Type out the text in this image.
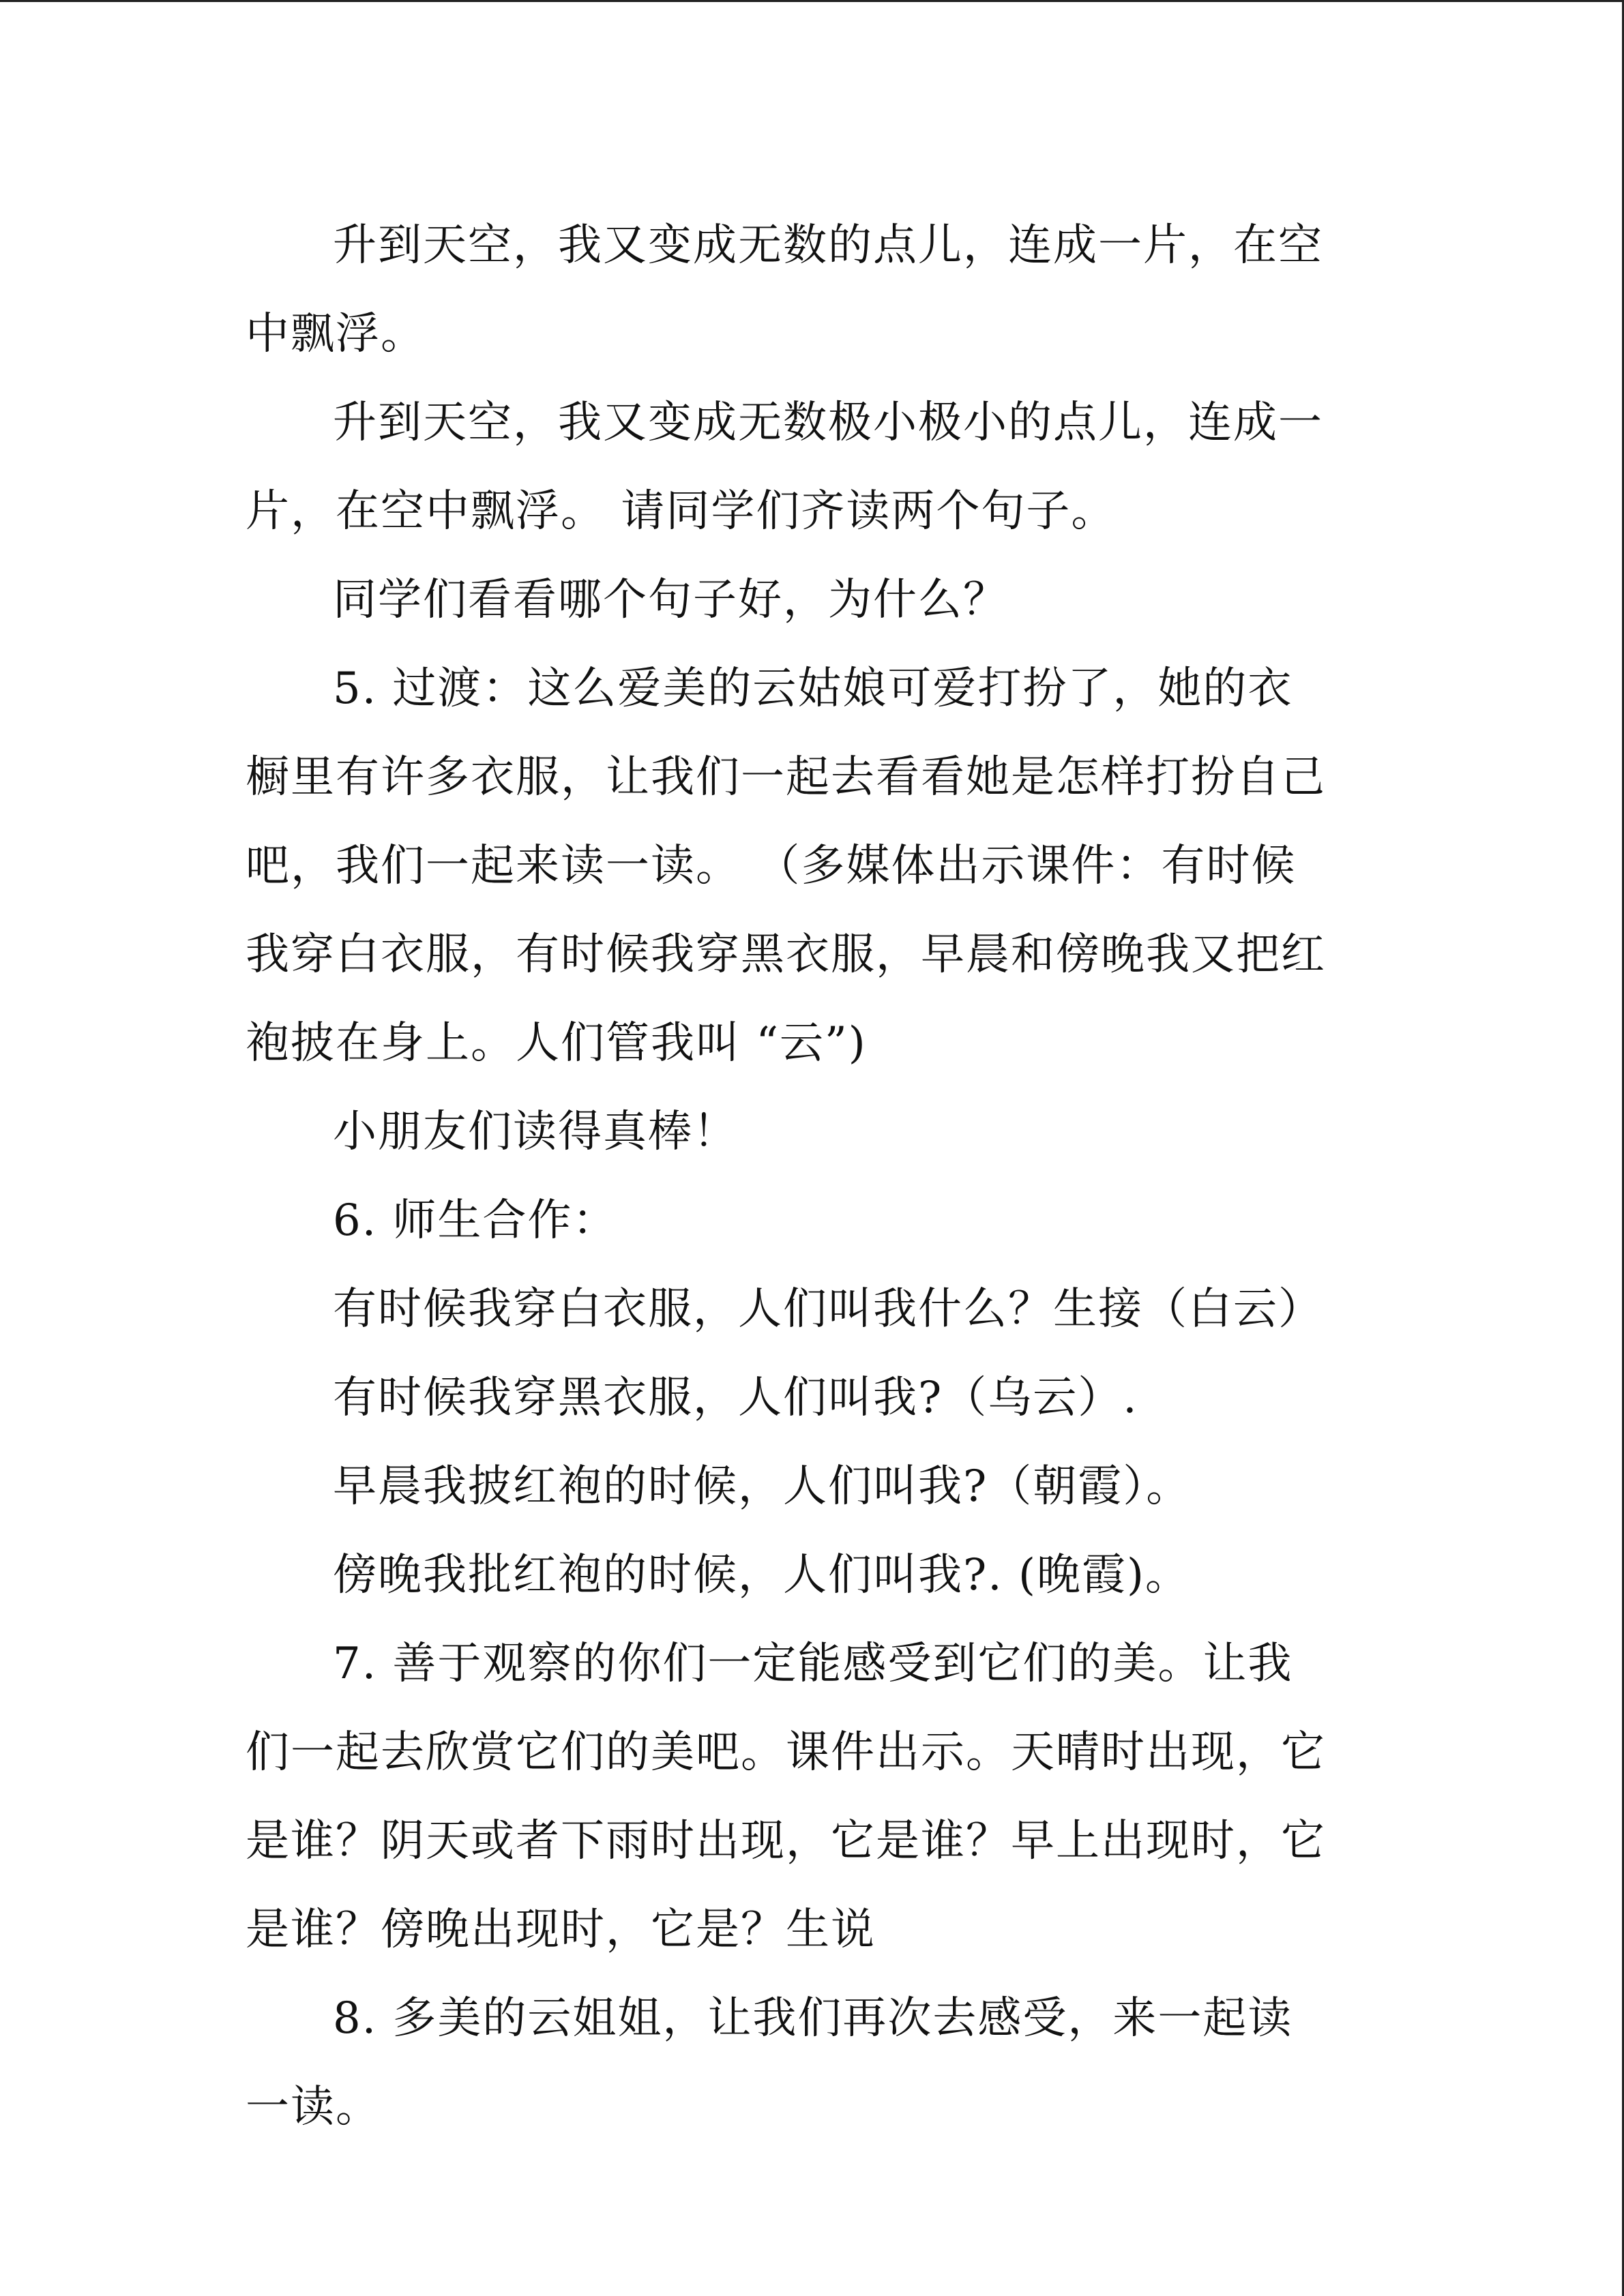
升到天空，我又变成无数的点儿，连成一片，在空中飘浮。

升到天空，我又变成无数极小极小的点儿，连成一片，在空中飘浮。 请同学们齐读两个句子。

同学们看看哪个句子好，为什么？

5. 过渡：这么爱美的云姑娘可爱打扮了，她的衣橱里有许多衣服，让我们一起去看看她是怎样打扮自己吧，我们一起来读一读。 （多媒体出示课件：有时候我穿白衣服，有时候我穿黑衣服，早晨和傍晚我又把红袍披在身上。人们管我叫 “云”)

小朋友们读得真棒！

6. 师生合作：

有时候我穿白衣服，人们叫我什么？生接（白云）

有时候我穿黑衣服，人们叫我?（乌云）.

早晨我披红袍的时候，人们叫我?（朝霞）。

傍晚我批红袍的时候，人们叫我?. (晚霞)。

7. 善于观察的你们一定能感受到它们的美。让我们一起去欣赏它们的美吧。课件出示。天晴时出现，它是谁？阴天或者下雨时出现，它是谁？早上出现时，它是谁？傍晚出现时，它是？生说

8. 多美的云姐姐，让我们再次去感受，来一起读一读。
